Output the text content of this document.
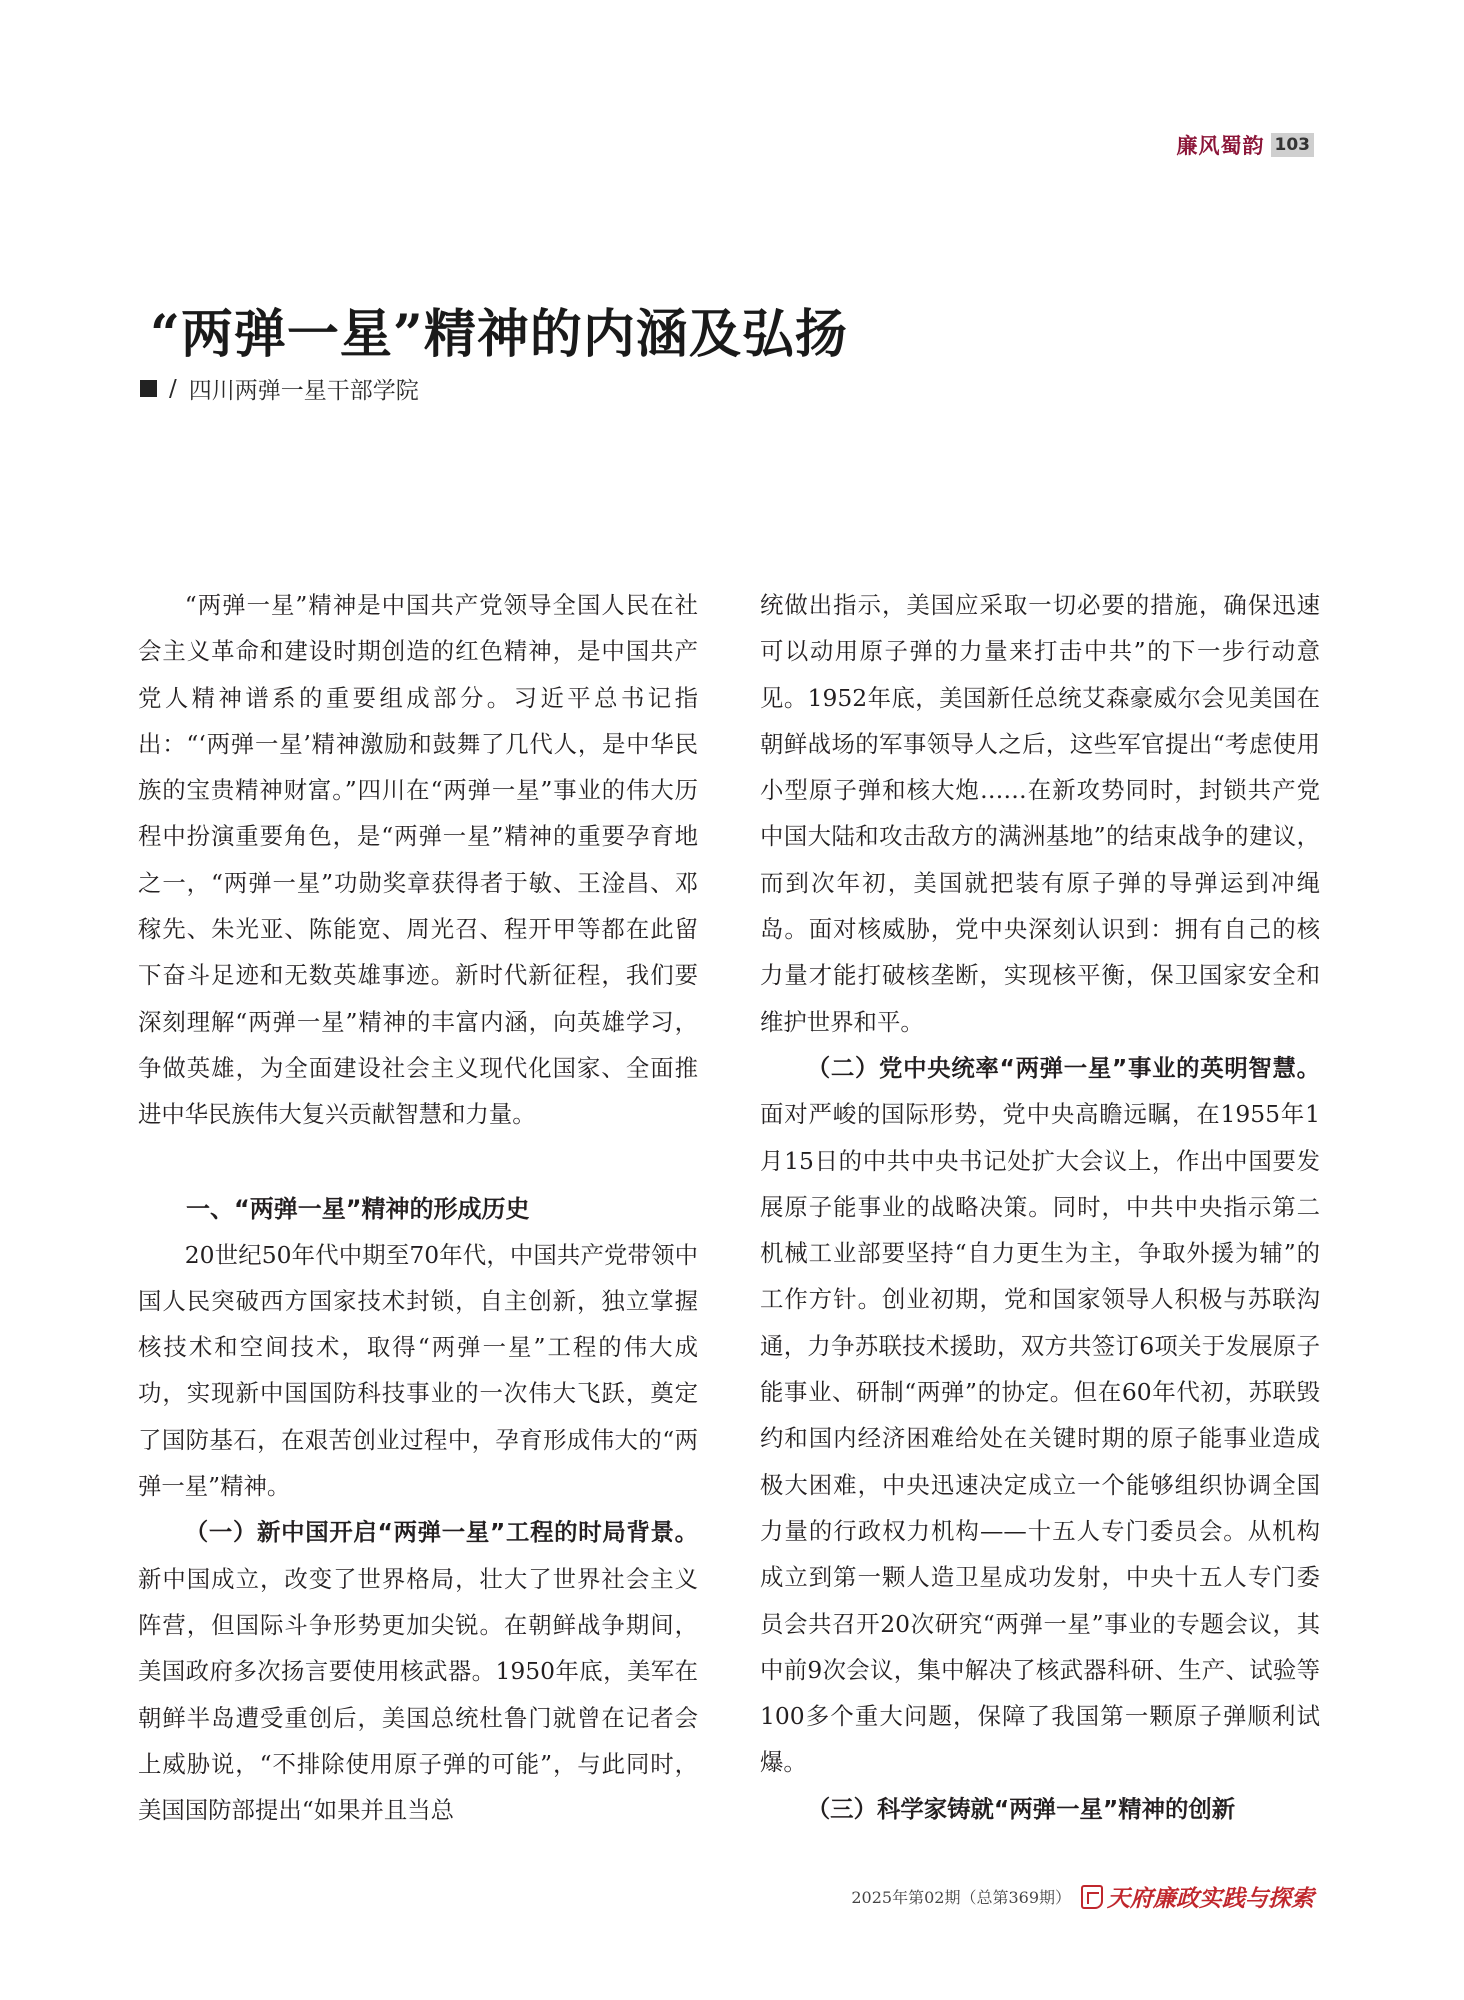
廉风蜀韵 103
“两弹一星”精神的内涵及弘扬
/ 四川两弹一星干部学院

“两弹一星”精神是中国共产党领导全国人民在社会主义革命和建设时期创造的红色精神，是中国共产党人精神谱系的重要组成部分。习近平总书记指出：“‘两弹一星’精神激励和鼓舞了几代人，是中华民族的宝贵精神财富。”四川在“两弹一星”事业的伟大历程中扮演重要角色，是“两弹一星”精神的重要孕育地之一，“两弹一星”功勋奖章获得者于敏、王淦昌、邓稼先、朱光亚、陈能宽、周光召、程开甲等都在此留下奋斗足迹和无数英雄事迹。新时代新征程，我们要深刻理解“两弹一星”精神的丰富内涵，向英雄学习，争做英雄，为全面建设社会主义现代化国家、全面推进中华民族伟大复兴贡献智慧和力量。

一、“两弹一星”精神的形成历史

20世纪50年代中期至70年代，中国共产党带领中国人民突破西方国家技术封锁，自主创新，独立掌握核技术和空间技术，取得“两弹一星”工程的伟大成功，实现新中国国防科技事业的一次伟大飞跃，奠定了国防基石，在艰苦创业过程中，孕育形成伟大的“两弹一星”精神。

（一）新中国开启“两弹一星”工程的时局背景。新中国成立，改变了世界格局，壮大了世界社会主义阵营，但国际斗争形势更加尖锐。在朝鲜战争期间，美国政府多次扬言要使用核武器。1950年底，美军在朝鲜半岛遭受重创后，美国总统杜鲁门就曾在记者会上威胁说，“不排除使用原子弹的可能”，与此同时，美国国防部提出“如果并且当总

统做出指示，美国应采取一切必要的措施，确保迅速可以动用原子弹的力量来打击中共”的下一步行动意见。1952年底，美国新任总统艾森豪威尔会见美国在朝鲜战场的军事领导人之后，这些军官提出“考虑使用小型原子弹和核大炮……在新攻势同时，封锁共产党中国大陆和攻击敌方的满洲基地”的结束战争的建议，而到次年初，美国就把装有原子弹的导弹运到冲绳岛。面对核威胁，党中央深刻认识到：拥有自己的核力量才能打破核垄断，实现核平衡，保卫国家安全和维护世界和平。

（二）党中央统率“两弹一星”事业的英明智慧。面对严峻的国际形势，党中央高瞻远瞩，在1955年1月15日的中共中央书记处扩大会议上，作出中国要发展原子能事业的战略决策。同时，中共中央指示第二机械工业部要坚持“自力更生为主，争取外援为辅”的工作方针。创业初期，党和国家领导人积极与苏联沟通，力争苏联技术援助，双方共签订6项关于发展原子能事业、研制“两弹”的协定。但在60年代初，苏联毁约和国内经济困难给处在关键时期的原子能事业造成极大困难，中央迅速决定成立一个能够组织协调全国力量的行政权力机构——十五人专门委员会。从机构成立到第一颗人造卫星成功发射，中央十五人专门委员会共召开20次研究“两弹一星”事业的专题会议，其中前9次会议，集中解决了核武器科研、生产、试验等100多个重大问题，保障了我国第一颗原子弹顺利试爆。

（三）科学家铸就“两弹一星”精神的创新

2025年第02期（总第369期） 天府廉政实践与探索
